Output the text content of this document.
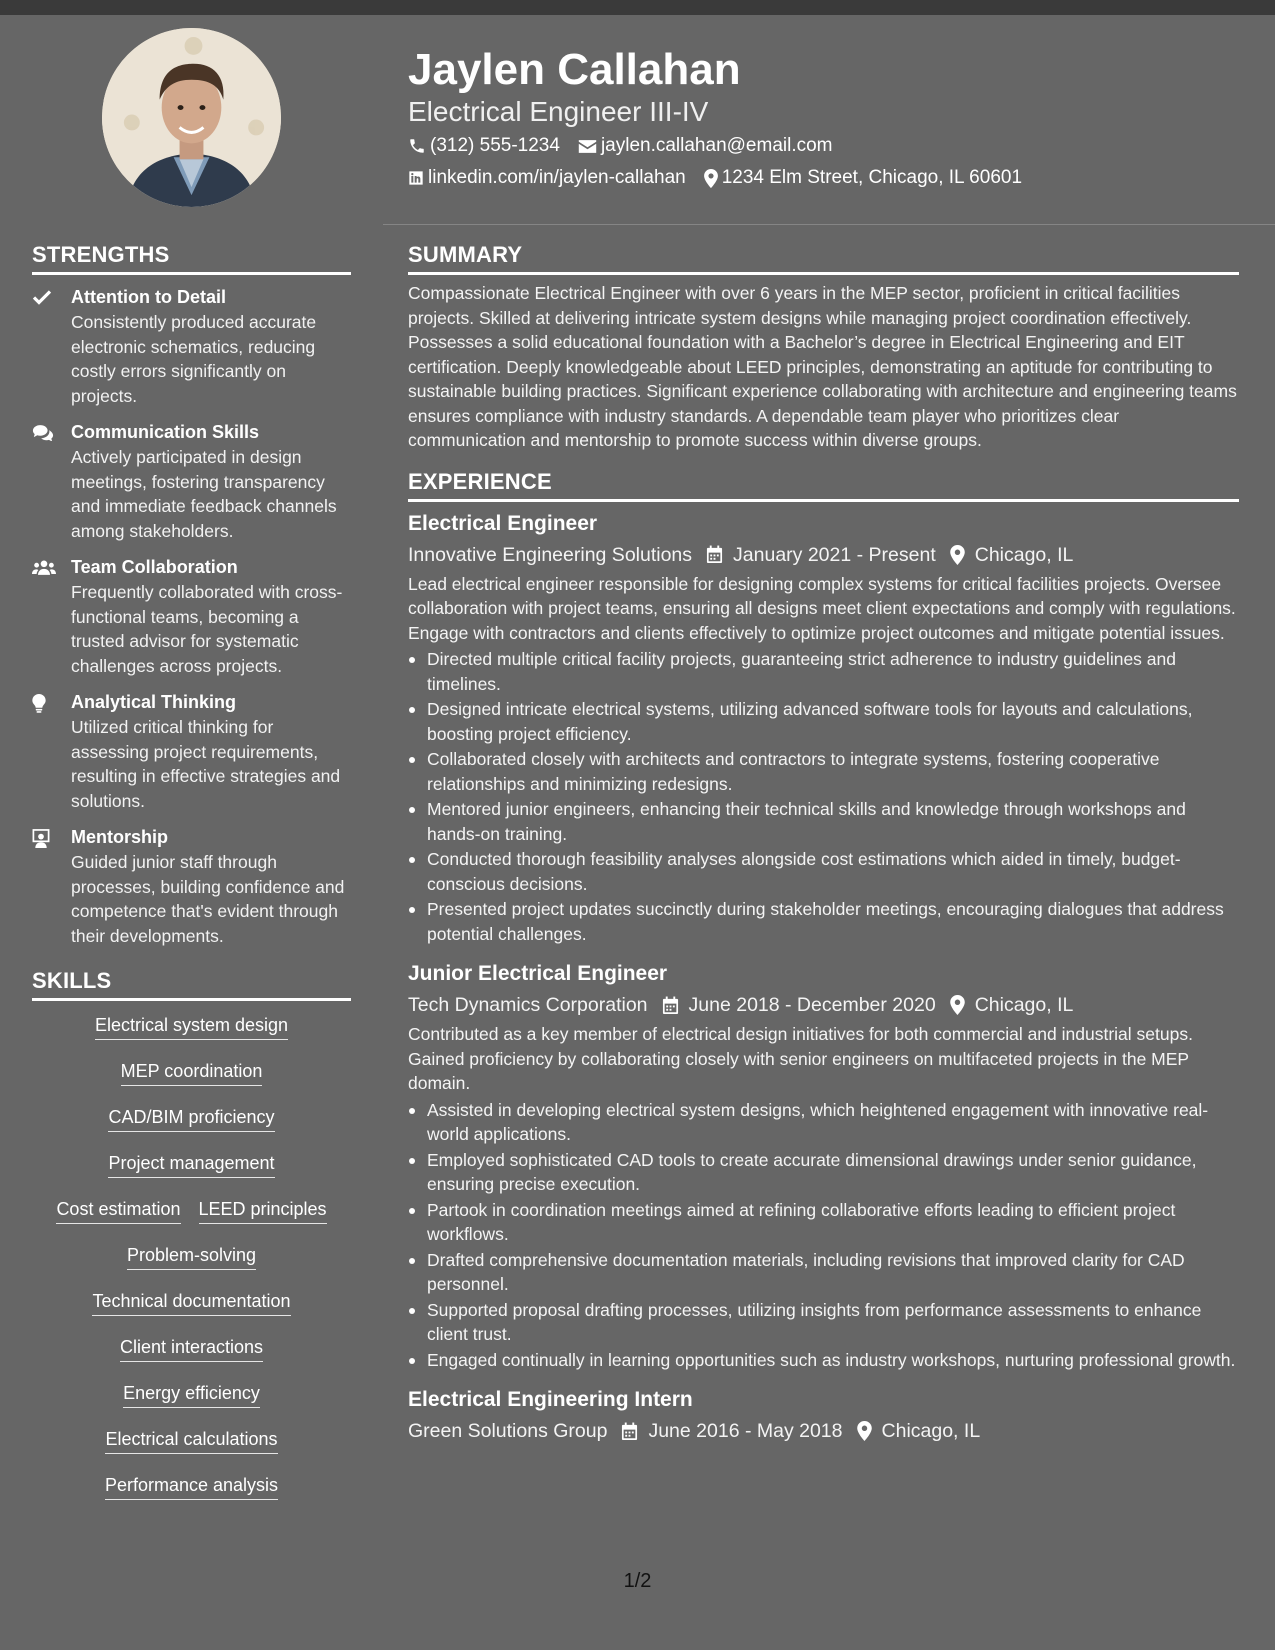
Jaylen Callahan
Electrical Engineer III-IV
(312) 555-1234 jaylen.callahan@email.com
linkedin.com/in/jaylen-callahan 1234 Elm Street, Chicago, IL 60601
STRENGTHS
Attention to Detail
Consistently produced accurate electronic schematics, reducing costly errors significantly on projects.
Communication Skills
Actively participated in design meetings, fostering transparency and immediate feedback channels among stakeholders.
Team Collaboration
Frequently collaborated with cross-functional teams, becoming a trusted advisor for systematic challenges across projects.
Analytical Thinking
Utilized critical thinking for assessing project requirements, resulting in effective strategies and solutions.
Mentorship
Guided junior staff through processes, building confidence and competence that's evident through their developments.
SKILLS
Electrical system design
MEP coordination
CAD/BIM proficiency
Project management
Cost estimation LEED principles
Problem-solving
Technical documentation
Client interactions
Energy efficiency
Electrical calculations
Performance analysis
SUMMARY
Compassionate Electrical Engineer with over 6 years in the MEP sector, proficient in critical facilities projects. Skilled at delivering intricate system designs while managing project coordination effectively. Possesses a solid educational foundation with a Bachelor’s degree in Electrical Engineering and EIT certification. Deeply knowledgeable about LEED principles, demonstrating an aptitude for contributing to sustainable building practices. Significant experience collaborating with architecture and engineering teams ensures compliance with industry standards. A dependable team player who prioritizes clear communication and mentorship to promote success within diverse groups.
EXPERIENCE
Electrical Engineer
Innovative Engineering Solutions January 2021 - Present Chicago, IL
Lead electrical engineer responsible for designing complex systems for critical facilities projects. Oversee collaboration with project teams, ensuring all designs meet client expectations and comply with regulations. Engage with contractors and clients effectively to optimize project outcomes and mitigate potential issues.
Directed multiple critical facility projects, guaranteeing strict adherence to industry guidelines and timelines.
Designed intricate electrical systems, utilizing advanced software tools for layouts and calculations, boosting project efficiency.
Collaborated closely with architects and contractors to integrate systems, fostering cooperative relationships and minimizing redesigns.
Mentored junior engineers, enhancing their technical skills and knowledge through workshops and hands-on training.
Conducted thorough feasibility analyses alongside cost estimations which aided in timely, budget-conscious decisions.
Presented project updates succinctly during stakeholder meetings, encouraging dialogues that address potential challenges.
Junior Electrical Engineer
Tech Dynamics Corporation June 2018 - December 2020 Chicago, IL
Contributed as a key member of electrical design initiatives for both commercial and industrial setups. Gained proficiency by collaborating closely with senior engineers on multifaceted projects in the MEP domain.
Assisted in developing electrical system designs, which heightened engagement with innovative real-world applications.
Employed sophisticated CAD tools to create accurate dimensional drawings under senior guidance, ensuring precise execution.
Partook in coordination meetings aimed at refining collaborative efforts leading to efficient project workflows.
Drafted comprehensive documentation materials, including revisions that improved clarity for CAD personnel.
Supported proposal drafting processes, utilizing insights from performance assessments to enhance client trust.
Engaged continually in learning opportunities such as industry workshops, nurturing professional growth.
Electrical Engineering Intern
Green Solutions Group June 2016 - May 2018 Chicago, IL
1/2
